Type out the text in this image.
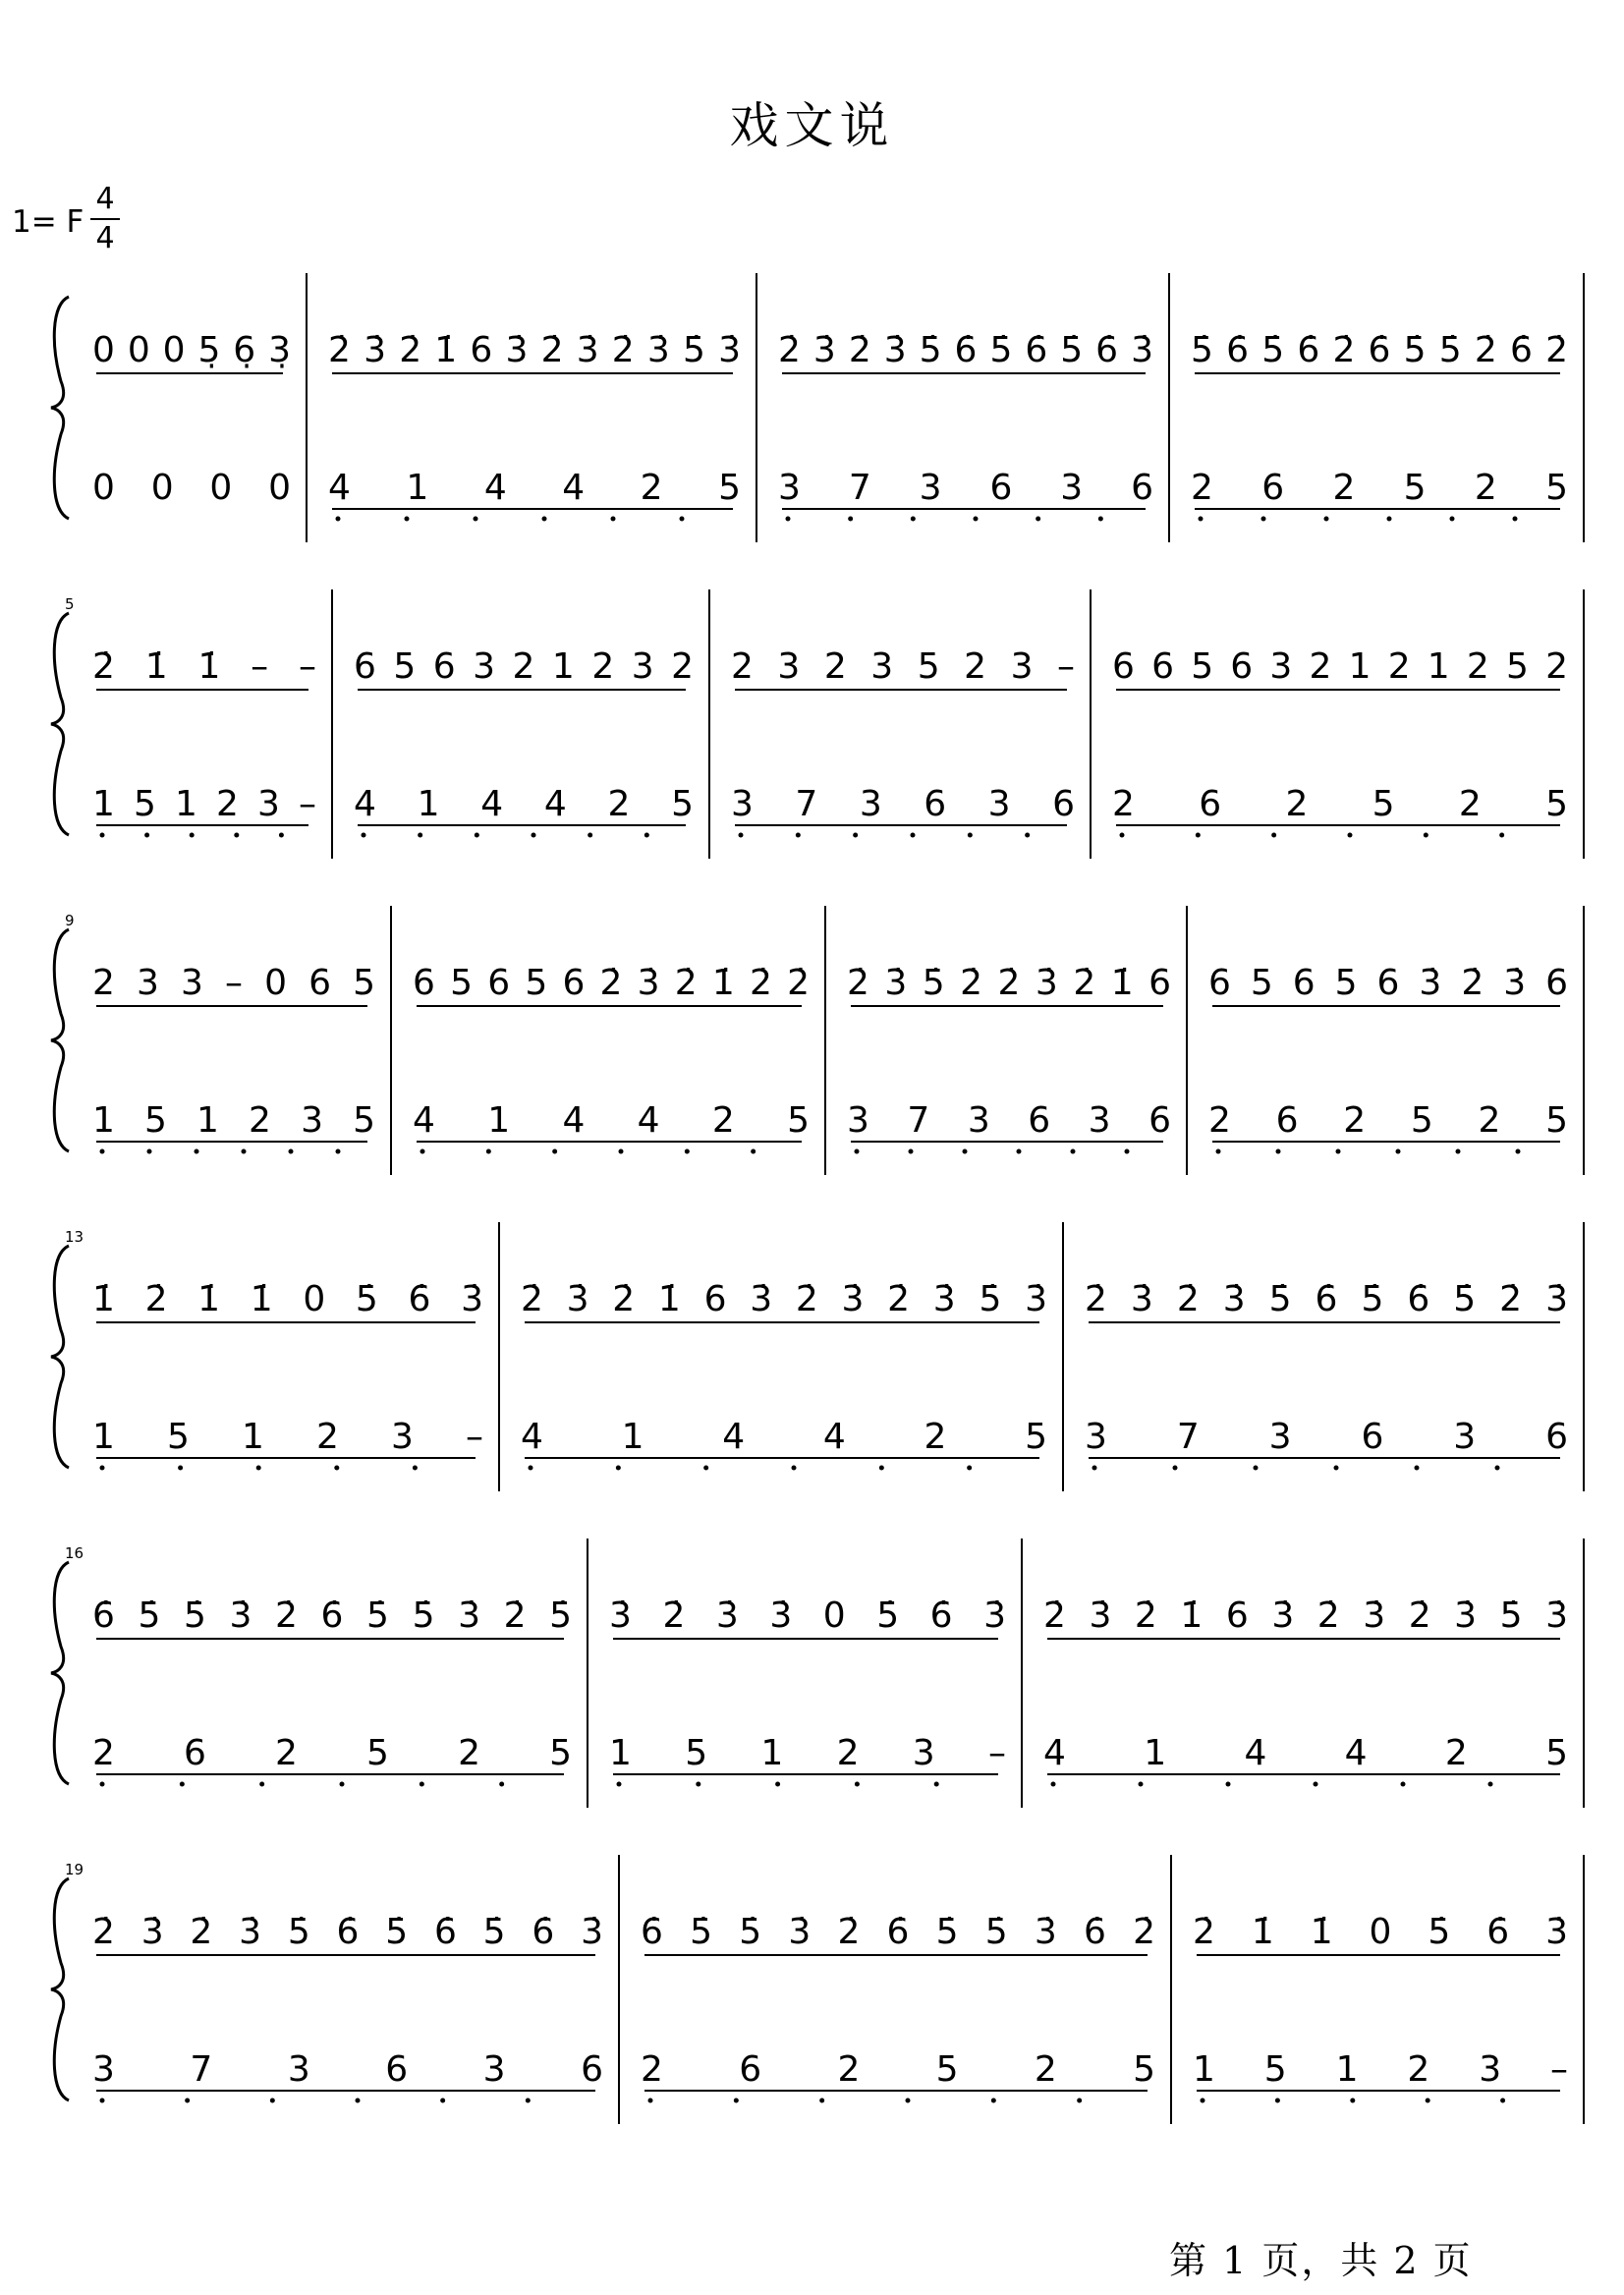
戏文说
1= F
4
4
0 0 0 5̣ 6̣ 3̣
0 0 0 0
2̇ 3̇ 2̇ 1̇ 6 3̇ 2̇ 3̇ 2̇ 3̇ 5̇ 3̇
4 1 4 4 2 5
2̇ 3̇ 2̇ 3̇ 5̇ 6̇ 5̇ 6̇ 5̇ 6̇ 3̇
3 7 3 6 3 6
5̇ 6̇ 5̇ 6̇ 2̇ 6̇ 5̇ 5̇ 2̇ 6̇ 2̇
2 6 2 5 2 5
5
2̇ 1̇ 1̇ – –
1 5 1 2 3 –
6 5 6 3 2 1 2 3 2
4 1 4 4 2 5
2 3 2 3 5 2 3 –
3 7 3 6 3 6
6 6 5 6 3 2 1 2 1 2 5 2
2 6 2 5 2 5
9
2 3 3 – 0 6 5
1 5 1 2 3 5
6 5 6 5 6 2̇ 3̇ 2̇ 1̇ 2̇ 2̇
4 1 4 4 2 5
2̇ 3̇ 5̇ 2̇ 2̇ 3̇ 2̇ 1̇ 6
3 7 3 6 3 6
6 5 6 5 6 3̇ 2̇ 3̇ 6
2 6 2 5 2 5
13
1̇ 2̇ 1̇ 1̇ 0 5̇ 6̇ 3̇
1 5 1 2 3 –
2̇ 3̇ 2̇ 1̇ 6 3̇ 2̇ 3̇ 2̇ 3̇ 5̇ 3̇
4 1 4 4 2 5
2̇ 3̇ 2̇ 3̇ 5̇ 6̇ 5̇ 6̇ 5̇ 2̇ 3̇
3 7 3 6 3 6
16
6̇ 5̇ 5̇ 3̇ 2̇ 6̇ 5̇ 5̇ 3̇ 2̇ 5̇
2 6 2 5 2 5
3̇ 2̇ 3̇ 3̇ 0 5̇ 6̇ 3̇
1 5 1 2 3 –
2̇ 3̇ 2̇ 1̇ 6 3̇ 2̇ 3̇ 2̇ 3̇ 5̇ 3̇
4 1 4 4 2 5
19
2̇ 3̇ 2̇ 3̇ 5̇ 6̇ 5̇ 6̇ 5̇ 6̇ 3̇
3 7 3 6 3 6
6̇ 5̇ 5̇ 3̇ 2̇ 6̇ 5̇ 5̇ 3̇ 6̇ 2̇
2 6 2 5 2 5
2̇ 1̇ 1̇ 0 5̇ 6̇ 3̇
1 5 1 2 3 –
第 1 页，共 2 页
